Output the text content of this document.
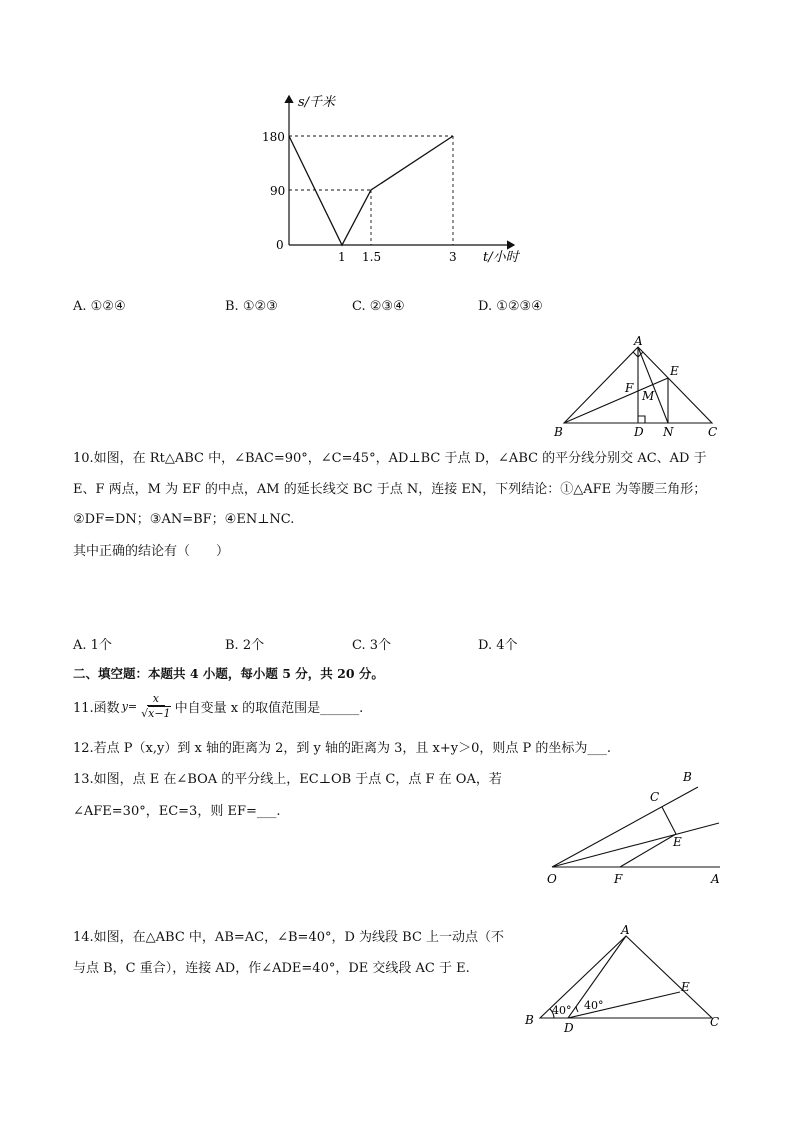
s/千米
180
90
0
1 1.5	3 t/小时
A. ①②④	B. ①②③	C. ②③④	D. ①②③④
A
E
F
M
B	D N	C
10.如图，在 Rt△ABC 中，∠BAC=90°，∠C=45°，AD⊥BC 于点 D，∠ABC 的平分线分别交 AC、AD 于
E、F 两点，M 为 EF 的中点，AM 的延长线交 BC 于点 N，连接 EN，下列结论：①△AFE 为等腰三角形；
②DF=DN；③AN=BF；④EN⊥NC.
其中正确的结论有（　　）
A. 1个	B. 2个	C. 3个	D. 4个
二、填空题：本题共 4 小题，每小题 5 分，共 20 分。
11.函数 $y= \frac{x}{√ x-1}$ 中自变量 x 的取值范围是______.
12.若点 P（x,y）到 x 轴的距离为 2，到 y 轴的距离为 3，且 x+y＞0，则点 P 的坐标为___.
13.如图，点 E 在∠BOA 的平分线上，EC⊥OB 于点 C，点 F 在 OA，若
∠AFE=30°，EC=3，则 EF=___.
B
C
E
O	F	A
14.如图，在△ABC 中，AB=AC，∠B=40°，D 为线段 BC 上一动点（不
与点 B，C 重合），连接 AD，作∠ADE=40°，DE 交线段 AC 于 E.
A
E
B
D	C
40° 40°
